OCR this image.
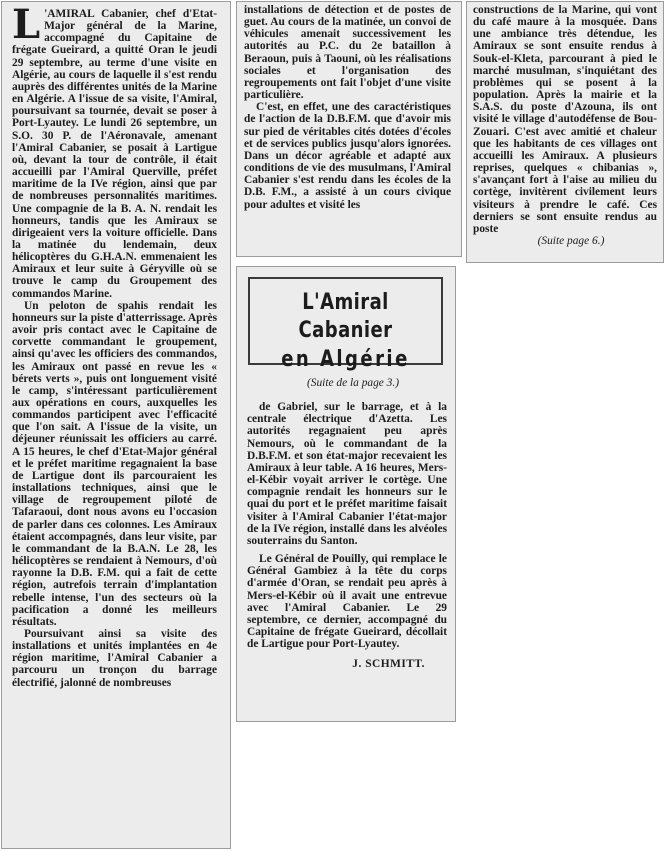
L 'AMIRAL Cabanier, chef d'Etat-Major général de la Marine, accompagné du Capitaine de frégate Gueirard, a quitté Oran le jeudi 29 septembre, au terme d'une visite en Algérie, au cours de laquelle il s'est rendu auprès des différentes unités de la Marine en Algérie. A l'issue de sa visite, l'Amiral, poursuivant sa tournée, devait se poser à Port-Lyautey. Le lundi 26 septembre, un S.O. 30 P. de l'Aéronavale, amenant l'Amiral Cabanier, se posait à Lartigue où, devant la tour de contrôle, il était accueilli par l'Amiral Querville, préfet maritime de la IVe région, ainsi que par de nombreuses personnalités maritimes. Une compagnie de la B. A. N. rendait les honneurs, tandis que les Amiraux se dirigeaient vers la voiture officielle. Dans la matinée du lendemain, deux hélicoptères du G.H.A.N. emmenaient les Amiraux et leur suite à Géryville où se trouve le camp du Groupement des commandos Marine.

Un peloton de spahis rendait les honneurs sur la piste d'atterrissage. Après avoir pris contact avec le Capitaine de corvette commandant le groupement, ainsi qu'avec les officiers des commandos, les Amiraux ont passé en revue les « bérets verts », puis ont longuement visité le camp, s'intéressant particulièrement aux opérations en cours, auxquelles les commandos participent avec l'efficacité que l'on sait. A l'issue de la visite, un déjeuner réunissait les officiers au carré. A 15 heures, le chef d'Etat-Major général et le préfet maritime regagnaient la base de Lartigue dont ils parcouraient les installations techniques, ainsi que le village de regroupement piloté de Tafaraoui, dont nous avons eu l'occasion de parler dans ces colonnes. Les Amiraux étaient accompagnés, dans leur visite, par le commandant de la B.A.N. Le 28, les hélicoptères se rendaient à Nemours, d'où rayonne la D.B. F.M. qui a fait de cette région, autrefois terrain d'implantation rebelle intense, l'un des secteurs où la pacification a donné les meilleurs résultats.

Poursuivant ainsi sa visite des installations et unités implantées en 4e région maritime, l'Amiral Cabanier a parcouru un tronçon du barrage électrifié, jalonné de nombreuses

installations de détection et de postes de guet. Au cours de la matinée, un convoi de véhicules amenait successivement les autorités au P.C. du 2e bataillon à Beraoun, puis à Taouni, où les réalisations sociales et l'organisation des regroupements ont fait l'objet d'une visite particulière.

C'est, en effet, une des caractéristiques de l'action de la D.B.F.M. que d'avoir mis sur pied de véritables cités dotées d'écoles et de services publics jusqu'alors ignorées. Dans un décor agréable et adapté aux conditions de vie des musulmans, l'Amiral Cabanier s'est rendu dans les écoles de la D.B. F.M., a assisté à un cours civique pour adultes et visité les

constructions de la Marine, qui vont du café maure à la mosquée. Dans une ambiance très détendue, les Amiraux se sont ensuite rendus à Souk-el-Kleta, parcourant à pied le marché musulman, s'inquiétant des problèmes qui se posent à la population. Après la mairie et la S.A.S. du poste d'Azouna, ils ont visité le village d'autodéfense de Bou-Zouari. C'est avec amitié et chaleur que les habitants de ces villages ont accueilli les Amiraux. A plusieurs reprises, quelques « chibanias », s'avançant fort à l'aise au milieu du cortège, invitèrent civilement leurs visiteurs à prendre le café. Ces derniers se sont ensuite rendus au poste

(Suite page 6.)

L'Amiral Cabanier
en Algérie

(Suite de la page 3.)

de Gabriel, sur le barrage, et à la centrale électrique d'Azetta. Les autorités regagnaient peu après Nemours, où le commandant de la D.B.F.M. et son état-major recevaient les Amiraux à leur table. A 16 heures, Mers-el-Kébir voyait arriver le cortège. Une compagnie rendait les honneurs sur le quai du port et le préfet maritime faisait visiter à l'Amiral Cabanier l'état-major de la IVe région, installé dans les alvéoles souterrains du Santon.

Le Général de Pouilly, qui remplace le Général Gambiez à la tête du corps d'armée d'Oran, se rendait peu après à Mers-el-Kébir où il avait une entrevue avec l'Amiral Cabanier. Le 29 septembre, ce dernier, accompagné du Capitaine de frégate Gueirard, décollait de Lartigue pour Port-Lyautey.

J. SCHMITT.
